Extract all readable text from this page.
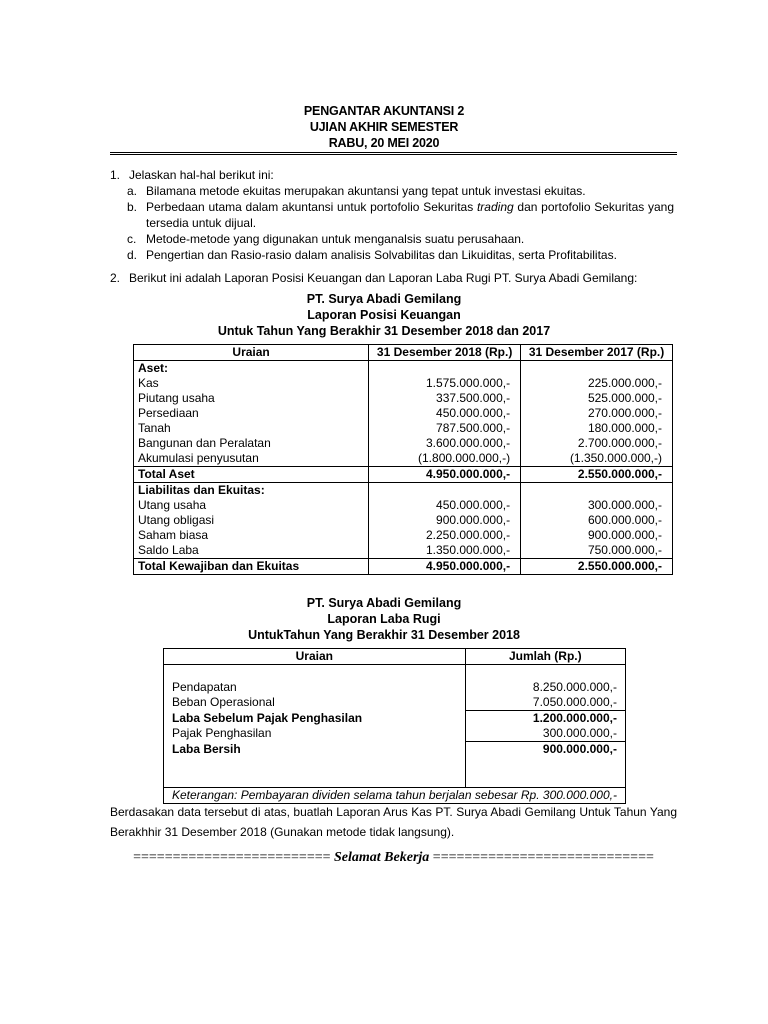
PENGANTAR AKUNTANSI 2
UJIAN AKHIR SEMESTER
RABU, 20 MEI 2020
1. Jelaskan hal-hal berikut ini:
a. Bilamana metode ekuitas merupakan akuntansi yang tepat untuk investasi ekuitas.
b. Perbedaan utama dalam akuntansi untuk portofolio Sekuritas trading dan portofolio Sekuritas yang
tersedia untuk dijual.
c. Metode-metode yang digunakan untuk menganalsis suatu perusahaan.
d. Pengertian dan Rasio-rasio dalam analisis Solvabilitas dan Likuiditas, serta Profitabilitas.
2. Berikut ini adalah Laporan Posisi Keuangan dan Laporan Laba Rugi PT. Surya Abadi Gemilang:
PT. Surya Abadi Gemilang
Laporan Posisi Keuangan
Untuk Tahun Yang Berakhir 31 Desember 2018 dan 2017
Uraian	31 Desember 2018 (Rp.)	31 Desember 2017 (Rp.)
Aset:		
Kas	1.575.000.000,-	225.000.000,-
Piutang usaha	337.500.000,-	525.000.000,-
Persediaan	450.000.000,-	270.000.000,-
Tanah	787.500.000,-	180.000.000,-
Bangunan dan Peralatan	3.600.000.000,-	2.700.000.000,-
Akumulasi penyusutan	(1.800.000.000,-)	(1.350.000.000,-)
Total Aset	4.950.000.000,-	2.550.000.000,-
Liabilitas dan Ekuitas:		
Utang usaha	450.000.000,-	300.000.000,-
Utang obligasi	900.000.000,-	600.000.000,-
Saham biasa	2.250.000.000,-	900.000.000,-
Saldo Laba	1.350.000.000,-	750.000.000,-
Total Kewajiban dan Ekuitas	4.950.000.000,-	2.550.000.000,-
PT. Surya Abadi Gemilang
Laporan Laba Rugi
UntukTahun Yang Berakhir 31 Desember 2018
Uraian	Jumlah (Rp.)

Pendapatan	8.250.000.000,-
Beban Operasional	7.050.000.000,-
Laba Sebelum Pajak Penghasilan	1.200.000.000,-
Pajak Penghasilan	300.000.000,-
Laba Bersih	900.000.000,-

Keterangan: Pembayaran dividen selama tahun berjalan sebesar Rp. 300.000.000,-	
Berdasakan data tersebut di atas, buatlah Laporan Arus Kas PT. Surya Abadi Gemilang Untuk Tahun Yang
Berakhhir 31 Desember 2018 (Gunakan metode tidak langsung).
========================= Selamat Bekerja ============================
